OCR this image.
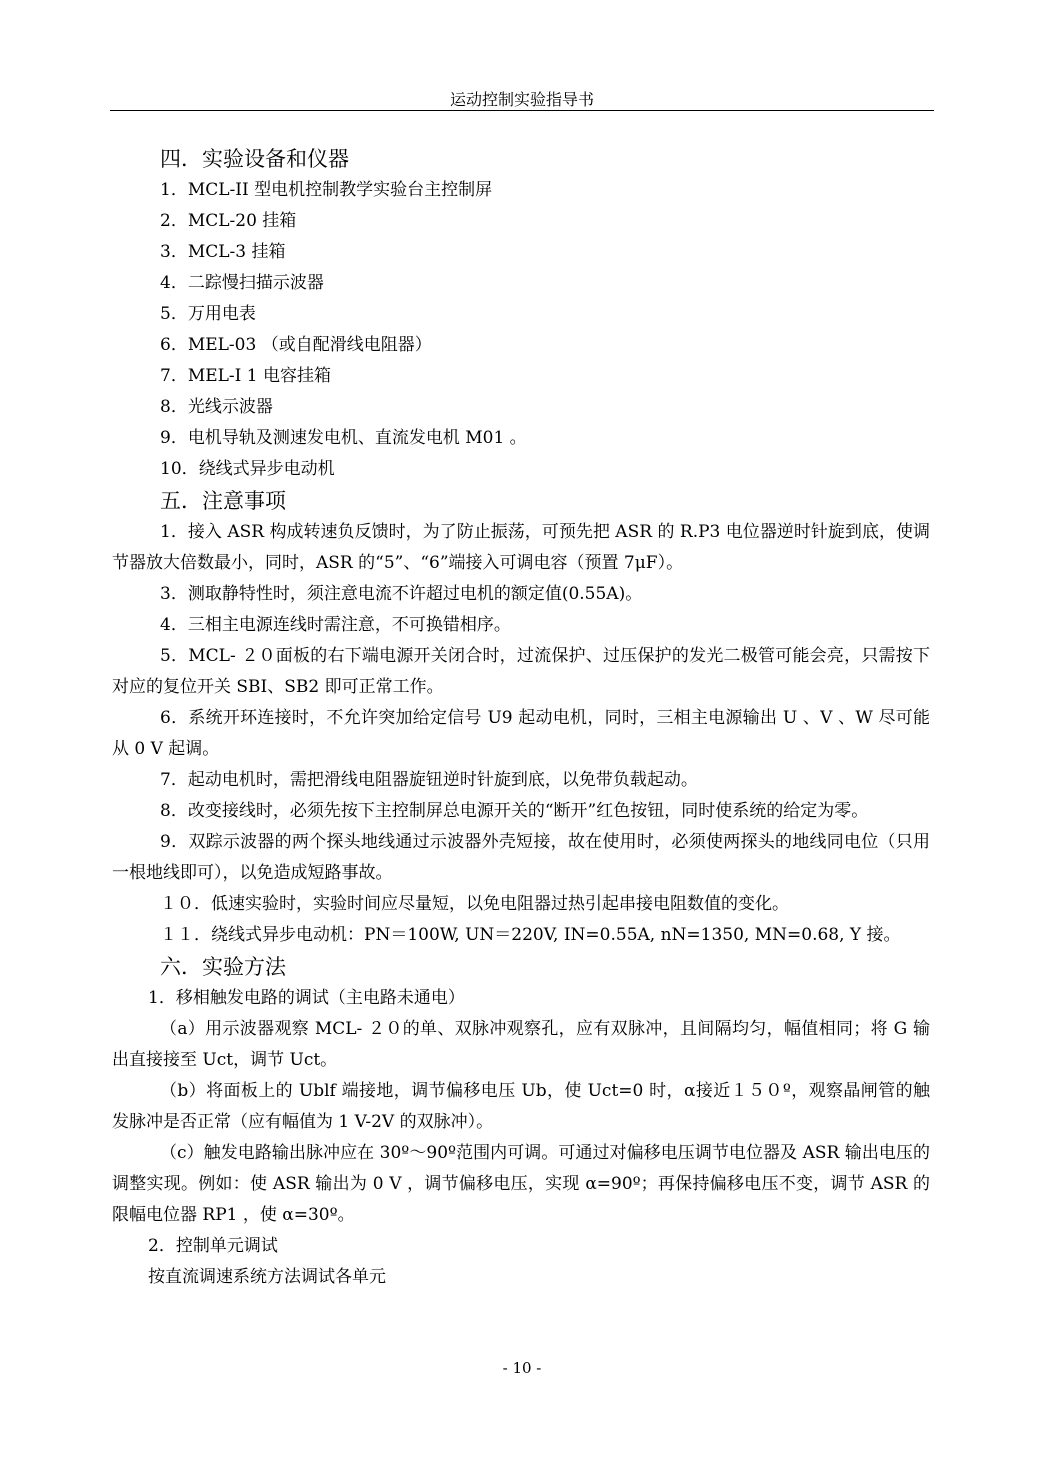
运动控制实验指导书
四．实验设备和仪器
1．MCL-II 型电机控制教学实验台主控制屏
2．MCL-20 挂箱
3．MCL-3 挂箱
4．二踪慢扫描示波器
5．万用电表
6．MEL-03 （或自配滑线电阻器）
7．MEL-I 1 电容挂箱
8．光线示波器
9．电机导轨及测速发电机、直流发电机 M01 。
10．绕线式异步电动机
五．注意事项
1．接入 ASR 构成转速负反馈时，为了防止振荡，可预先把 ASR 的 R.P3 电位器逆时针旋到底，使调节器放大倍数最小，同时，ASR 的“5”、“6”端接入可调电容（预置 7μF）。
3．测取静特性时，须注意电流不许超过电机的额定值(0.55A)。
4．三相主电源连线时需注意，不可换错相序。
5．MCL- ２０面板的右下端电源开关闭合时，过流保护、过压保护的发光二极管可能会亮，只需按下对应的复位开关 SBI、SB2 即可正常工作。
6．系统开环连接时，不允许突加给定信号 U9 起动电机，同时，三相主电源输出 U 、V 、W 尽可能从 0 V 起调。
7．起动电机时，需把滑线电阻器旋钮逆时针旋到底，以免带负载起动。
8．改变接线时，必须先按下主控制屏总电源开关的“断开”红色按钮，同时使系统的给定为零。
9．双踪示波器的两个探头地线通过示波器外壳短接，故在使用时，必须使两探头的地线同电位（只用一根地线即可），以免造成短路事故。
１０．低速实验时，实验时间应尽量短，以免电阻器过热引起串接电阻数值的变化。
１１．绕线式异步电动机：PN＝100W, UN＝220V, IN=0.55A, nN=1350, MN=0.68, Y 接。
六．实验方法
1．移相触发电路的调试（主电路未通电）
（a）用示波器观察 MCL- ２０的单、双脉冲观察孔，应有双脉冲，且间隔均匀，幅值相同；将 G 输出直接接至 Uct，调节 Uct。
（b）将面板上的 Ublf 端接地，调节偏移电压 Ub，使 Uct=0 时，α接近１５０º，观察晶闸管的触发脉冲是否正常（应有幅值为 1 V-2V 的双脉冲）。
（c）触发电路输出脉冲应在 30º～90º范围内可调。可通过对偏移电压调节电位器及 ASR 输出电压的调整实现。例如：使 ASR 输出为 0 V ，调节偏移电压，实现 α=90º；再保持偏移电压不变，调节 ASR 的限幅电位器 RP1 ，使 α=30º。
2．控制单元调试
按直流调速系统方法调试各单元
- 10 -
